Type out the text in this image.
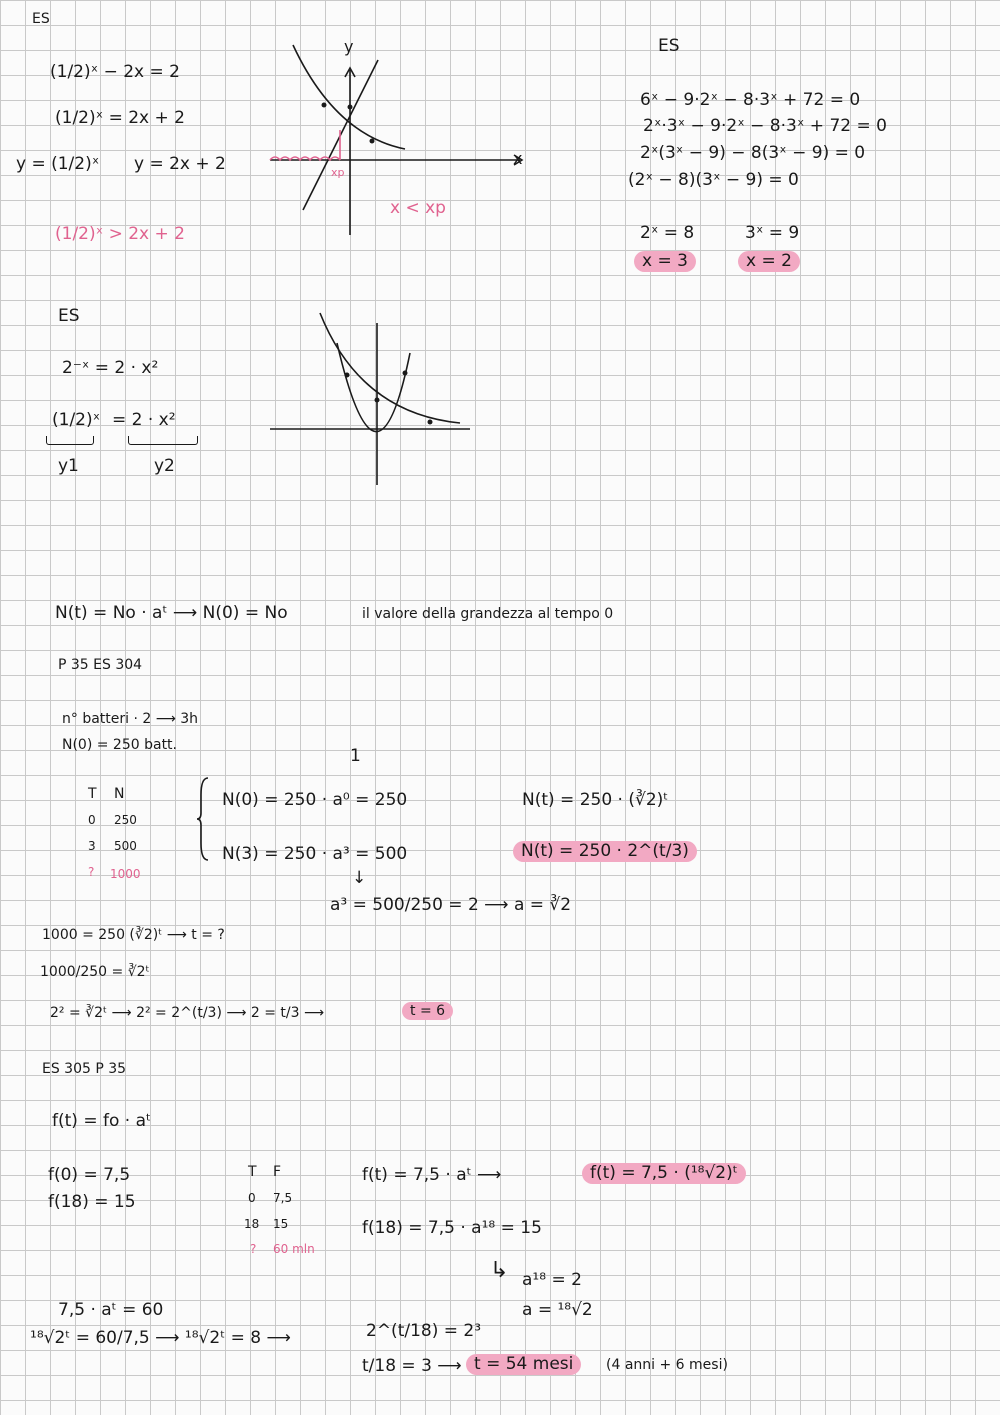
ES
(1/2)ˣ − 2x = 2
(1/2)ˣ = 2x + 2
y = (1/2)ˣ y = 2x + 2
(1/2)ˣ > 2x + 2
x
y
xp
x < xp
ES
6ˣ − 9·2ˣ − 8·3ˣ + 72 = 0
2ˣ·3ˣ − 9·2ˣ − 8·3ˣ + 72 = 0
2ˣ(3ˣ − 9) − 8(3ˣ − 9) = 0
(2ˣ − 8)(3ˣ − 9) = 0
2ˣ = 8	3ˣ = 9
x = 3	x = 2
ES
2⁻ˣ = 2 · x²
(1/2)ˣ = 2 · x²
y1	y2
N(t) = No · aᵗ ⟶ N(0) = No	il valore della grandezza al tempo 0
P 35 ES 304
n° batteri · 2 ⟶ 3h
N(0) = 250 batt.
T N
0 250
3 500
? 1000
1
N(0) = 250 · a⁰ = 250
N(3) = 250 · a³ = 500
N(t) = 250 · (∛2)ᵗ
N(t) = 250 · 2^(t/3)
↓
a³ = 500/250 = 2 ⟶ a = ∛2
1000 = 250 (∛2)ᵗ ⟶ t = ?
1000/250 = ∛2ᵗ
2² = ∛2ᵗ ⟶ 2² = 2^(t/3) ⟶ 2 = t/3 ⟶	t = 6
ES 305 P 35
f(t) = fo · aᵗ
f(0) = 7,5
f(18) = 15
T F
0 7,5
18 15
? 60 mln
f(t) = 7,5 · aᵗ ⟶	f(t) = 7,5 · (¹⁸√2)ᵗ
f(18) = 7,5 · a¹⁸ = 15
↳ a¹⁸ = 2
a = ¹⁸√2
7,5 · aᵗ = 60
¹⁸√2ᵗ = 60/7,5 ⟶ ¹⁸√2ᵗ = 8 ⟶	2^(t/18) = 2³
t/18 = 3 ⟶ t = 54 mesi	(4 anni + 6 mesi)
